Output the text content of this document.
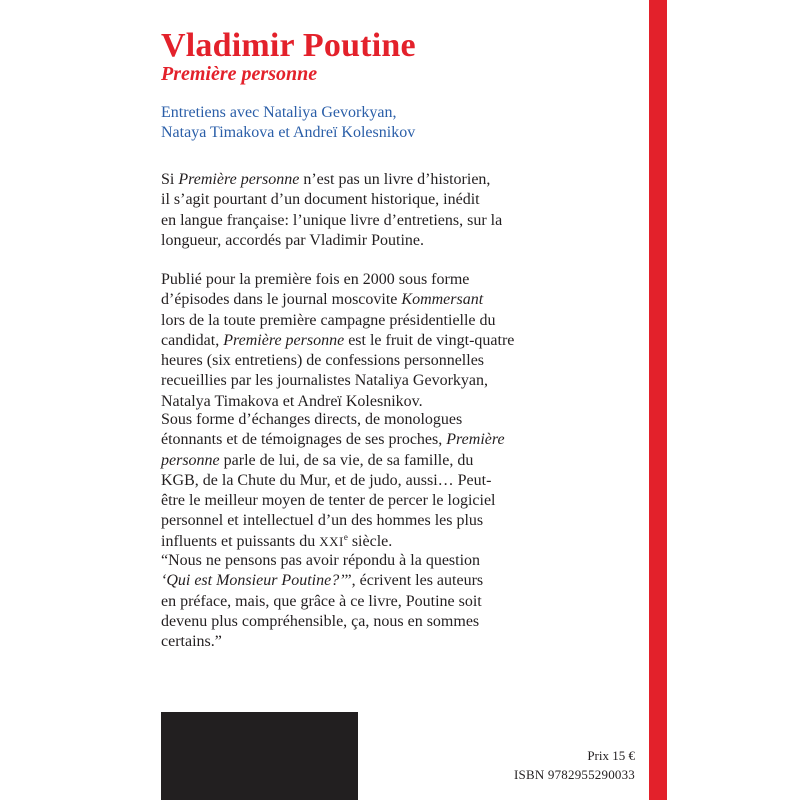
Vladimir Poutine
Première personne
Entretiens avec Nataliya Gevorkyan,
Nataya Timakova et Andreï Kolesnikov
Si Première personne n’est pas un livre d’historien,
il s’agit pourtant d’un document historique, inédit
en langue française: l’unique livre d’entretiens, sur la
longueur, accordés par Vladimir Poutine.
Publié pour la première fois en 2000 sous forme
d’épisodes dans le journal moscovite Kommersant
lors de la toute première campagne présidentielle du
candidat, Première personne est le fruit de vingt-quatre
heures (six entretiens) de confessions personnelles
recueillies par les journalistes Nataliya Gevorkyan,
Natalya Timakova et Andreï Kolesnikov.
Sous forme d’échanges directs, de monologues
étonnants et de témoignages de ses proches, Première
personne parle de lui, de sa vie, de sa famille, du
KGB, de la Chute du Mur, et de judo, aussi… Peut-
être le meilleur moyen de tenter de percer le logiciel
personnel et intellectuel d’un des hommes les plus
influents et puissants du XXIe siècle.
“Nous ne pensons pas avoir répondu à la question
‘Qui est Monsieur Poutine?’”, écrivent les auteurs
en préface, mais, que grâce à ce livre, Poutine soit
devenu plus compréhensible, ça, nous en sommes
certains.”
Prix 15 €
ISBN 9782955290033
